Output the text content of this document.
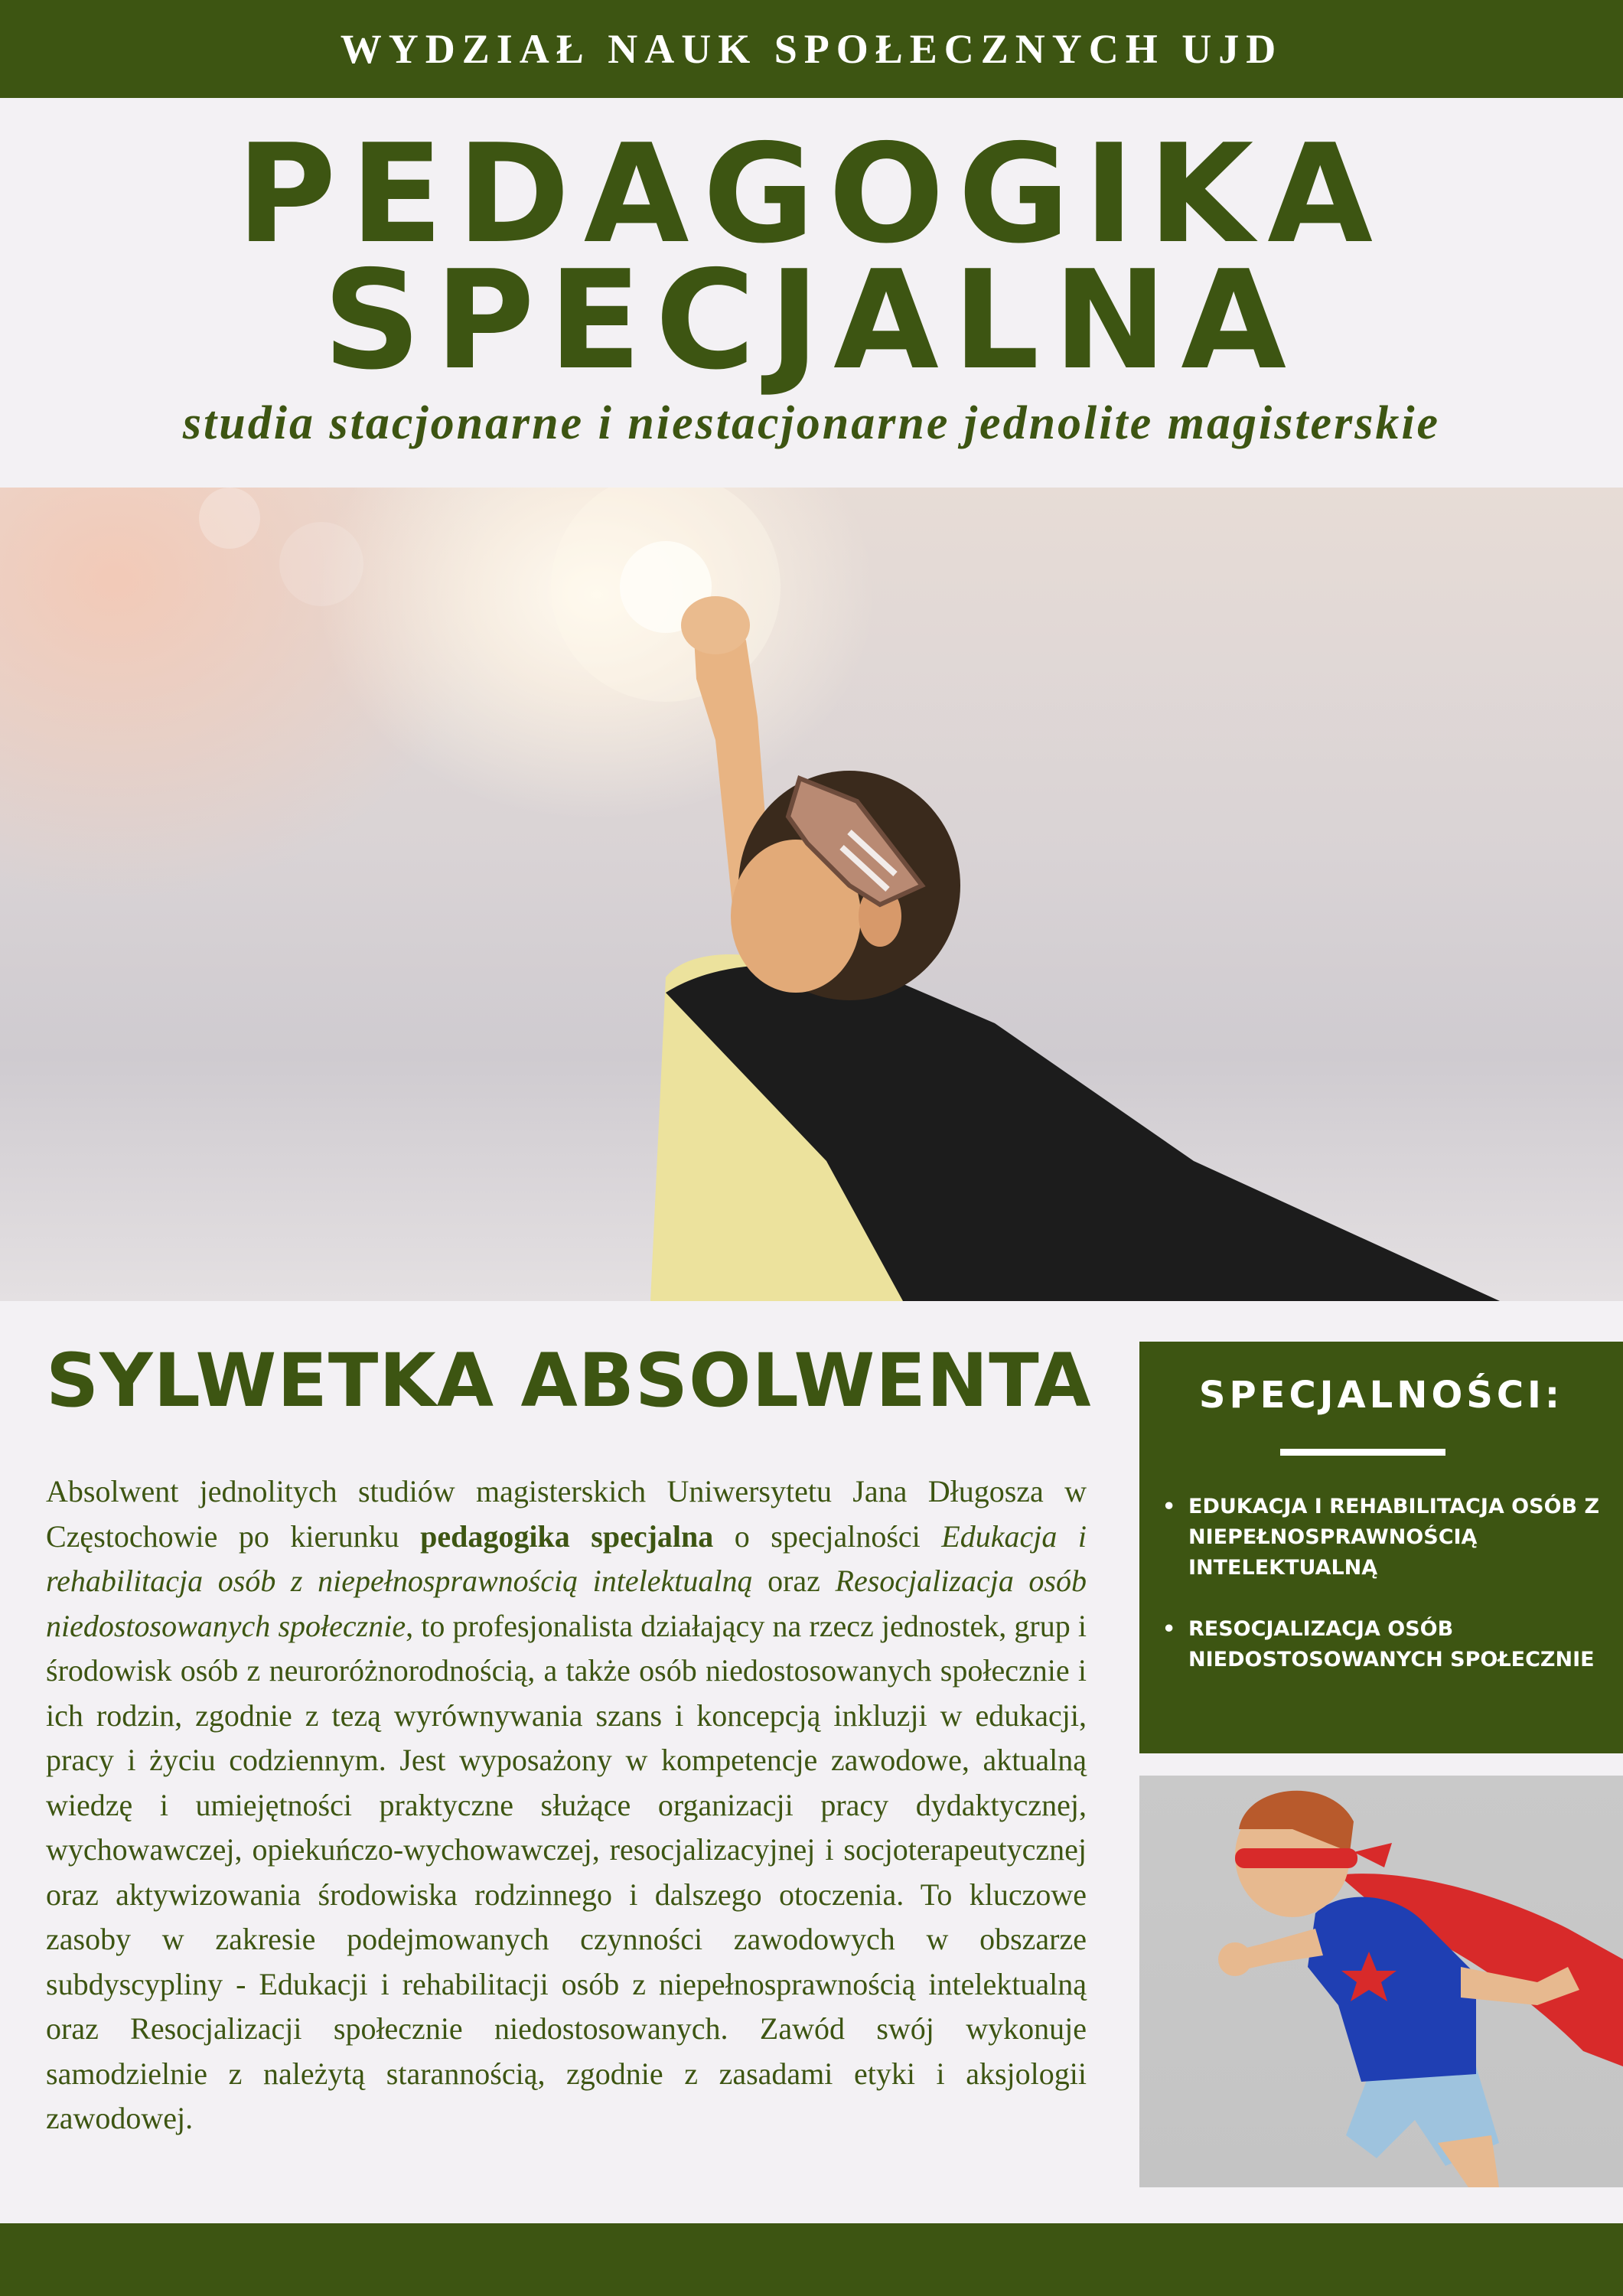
WYDZIAŁ NAUK SPOŁECZNYCH UJD
PEDAGOGIKA
SPECJALNA
studia stacjonarne i niestacjonarne jednolite magisterskie
SYLWETKA ABSOLWENTA
Absolwent jednolitych studiów magisterskich Uniwersytetu Jana Długosza w Częstochowie po kierunku pedagogika specjalna o specjalności Edukacja i rehabilitacja osób z niepełnosprawnością intelektualną oraz Resocjalizacja osób niedostosowanych społecznie, to profesjonalista działający na rzecz jednostek, grup i środowisk osób z neuroróżnorodnością, a także osób niedostosowanych społecznie i ich rodzin, zgodnie z tezą wyrównywania szans i koncepcją inkluzji w edukacji, pracy i życiu codziennym. Jest wyposażony w kompetencje zawodowe, aktualną wiedzę i umiejętności praktyczne służące organizacji pracy dydaktycznej, wychowawczej, opiekuńczo-wychowawczej, resocjalizacyjnej i socjoterapeutycznej oraz aktywizowania środowiska rodzinnego i dalszego otoczenia. To kluczowe zasoby w zakresie podejmowanych czynności zawodowych w obszarze subdyscypliny - Edukacji i rehabilitacji osób z niepełnosprawnością intelektualną oraz Resocjalizacji społecznie niedostosowanych. Zawód swój wykonuje samodzielnie z należytą starannością, zgodnie z zasadami etyki i aksjologii zawodowej.
SPECJALNOŚCI:
• EDUKACJA I REHABILITACJA OSÓB Z NIEPEŁNOSPRAWNOŚCIĄ INTELEKTUALNĄ
• RESOCJALIZACJA OSÓB NIEDOSTOSOWANYCH SPOŁECZNIE
